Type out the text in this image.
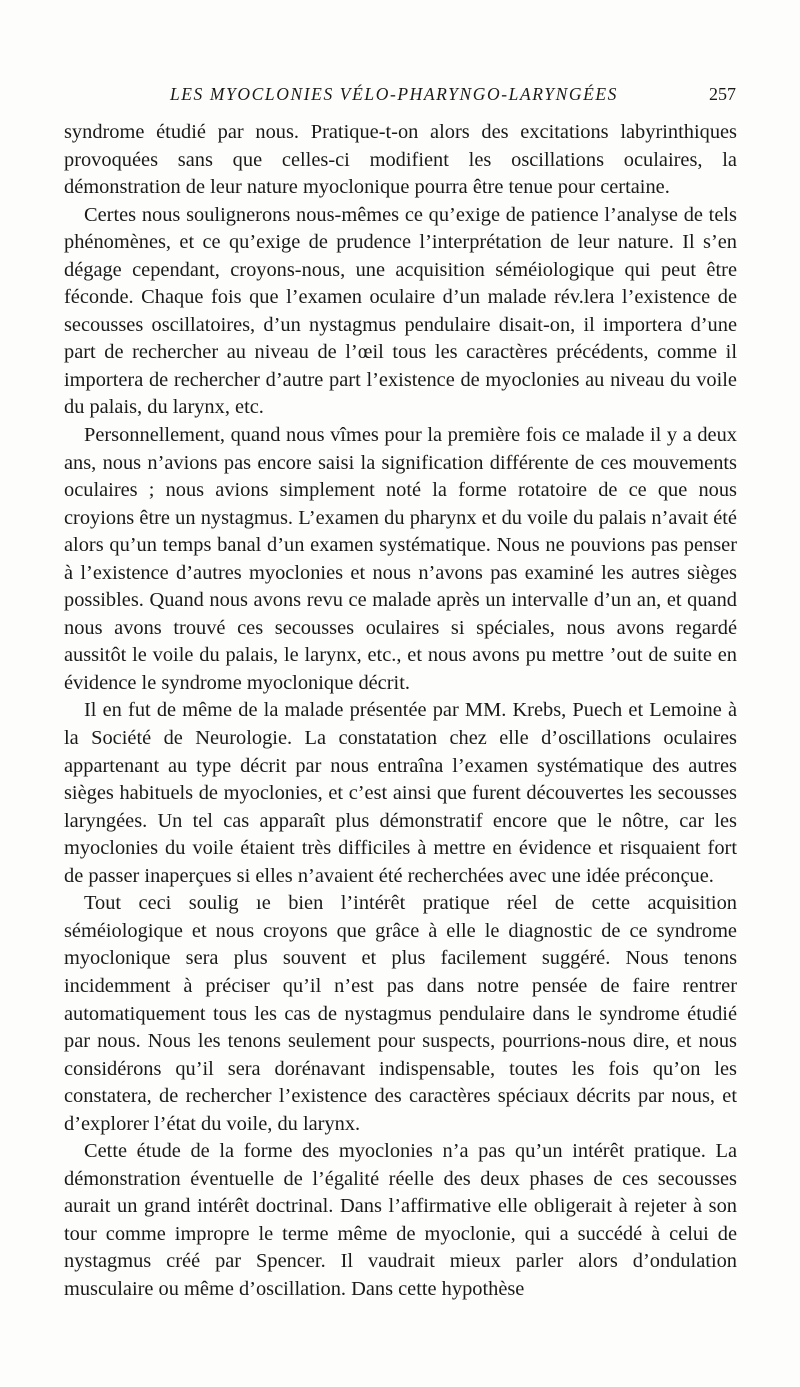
LES MYOCLONIES VÉLO-PHARYNGO-LARYNGÉES	257

syndrome étudié par nous. Pratique-t-on alors des excitations labyrinthiques provoquées sans que celles-ci modifient les oscillations oculaires, la démonstration de leur nature myoclonique pourra être tenue pour certaine.

Certes nous soulignerons nous-mêmes ce qu’exige de patience l’analyse de tels phénomènes, et ce qu’exige de prudence l’interprétation de leur nature. Il s’en dégage cependant, croyons-nous, une acquisition séméiologique qui peut être féconde. Chaque fois que l’examen oculaire d’un malade rév.lera l’existence de secousses oscillatoires, d’un nystagmus pendulaire disait-on, il importera d’une part de rechercher au niveau de l’œil tous les caractères précédents, comme il importera de rechercher d’autre part l’existence de myoclonies au niveau du voile du palais, du larynx, etc.

Personnellement, quand nous vîmes pour la première fois ce malade il y a deux ans, nous n’avions pas encore saisi la signification différente de ces mouvements oculaires ; nous avions simplement noté la forme rotatoire de ce que nous croyions être un nystagmus. L’examen du pharynx et du voile du palais n’avait été alors qu’un temps banal d’un examen systématique. Nous ne pouvions pas penser à l’existence d’autres myoclonies et nous n’avons pas examiné les autres sièges possibles. Quand nous avons revu ce malade après un intervalle d’un an, et quand nous avons trouvé ces secousses oculaires si spéciales, nous avons regardé aussitôt le voile du palais, le larynx, etc., et nous avons pu mettre ’out de suite en évidence le syndrome myoclonique décrit.

Il en fut de même de la malade présentée par MM. Krebs, Puech et Lemoine à la Société de Neurologie. La constatation chez elle d’oscillations oculaires appartenant au type décrit par nous entraîna l’examen systématique des autres sièges habituels de myoclonies, et c’est ainsi que furent découvertes les secousses laryngées. Un tel cas apparaît plus démonstratif encore que le nôtre, car les myoclonies du voile étaient très difficiles à mettre en évidence et risquaient fort de passer inaperçues si elles n’avaient été recherchées avec une idée préconçue.

Tout ceci soulig ıe bien l’intérêt pratique réel de cette acquisition séméiologique et nous croyons que grâce à elle le diagnostic de ce syndrome myoclonique sera plus souvent et plus facilement suggéré. Nous tenons incidemment à préciser qu’il n’est pas dans notre pensée de faire rentrer automatiquement tous les cas de nystagmus pendulaire dans le syndrome étudié par nous. Nous les tenons seulement pour suspects, pourrions-nous dire, et nous considérons qu’il sera dorénavant indispensable, toutes les fois qu’on les constatera, de rechercher l’existence des caractères spéciaux décrits par nous, et d’explorer l’état du voile, du larynx.

Cette étude de la forme des myoclonies n’a pas qu’un intérêt pratique. La démonstration éventuelle de l’égalité réelle des deux phases de ces secousses aurait un grand intérêt doctrinal. Dans l’affirmative elle obligerait à rejeter à son tour comme impropre le terme même de myoclonie, qui a succédé à celui de nystagmus créé par Spencer. Il vaudrait mieux parler alors d’ondulation musculaire ou même d’oscillation. Dans cette hypothèse
